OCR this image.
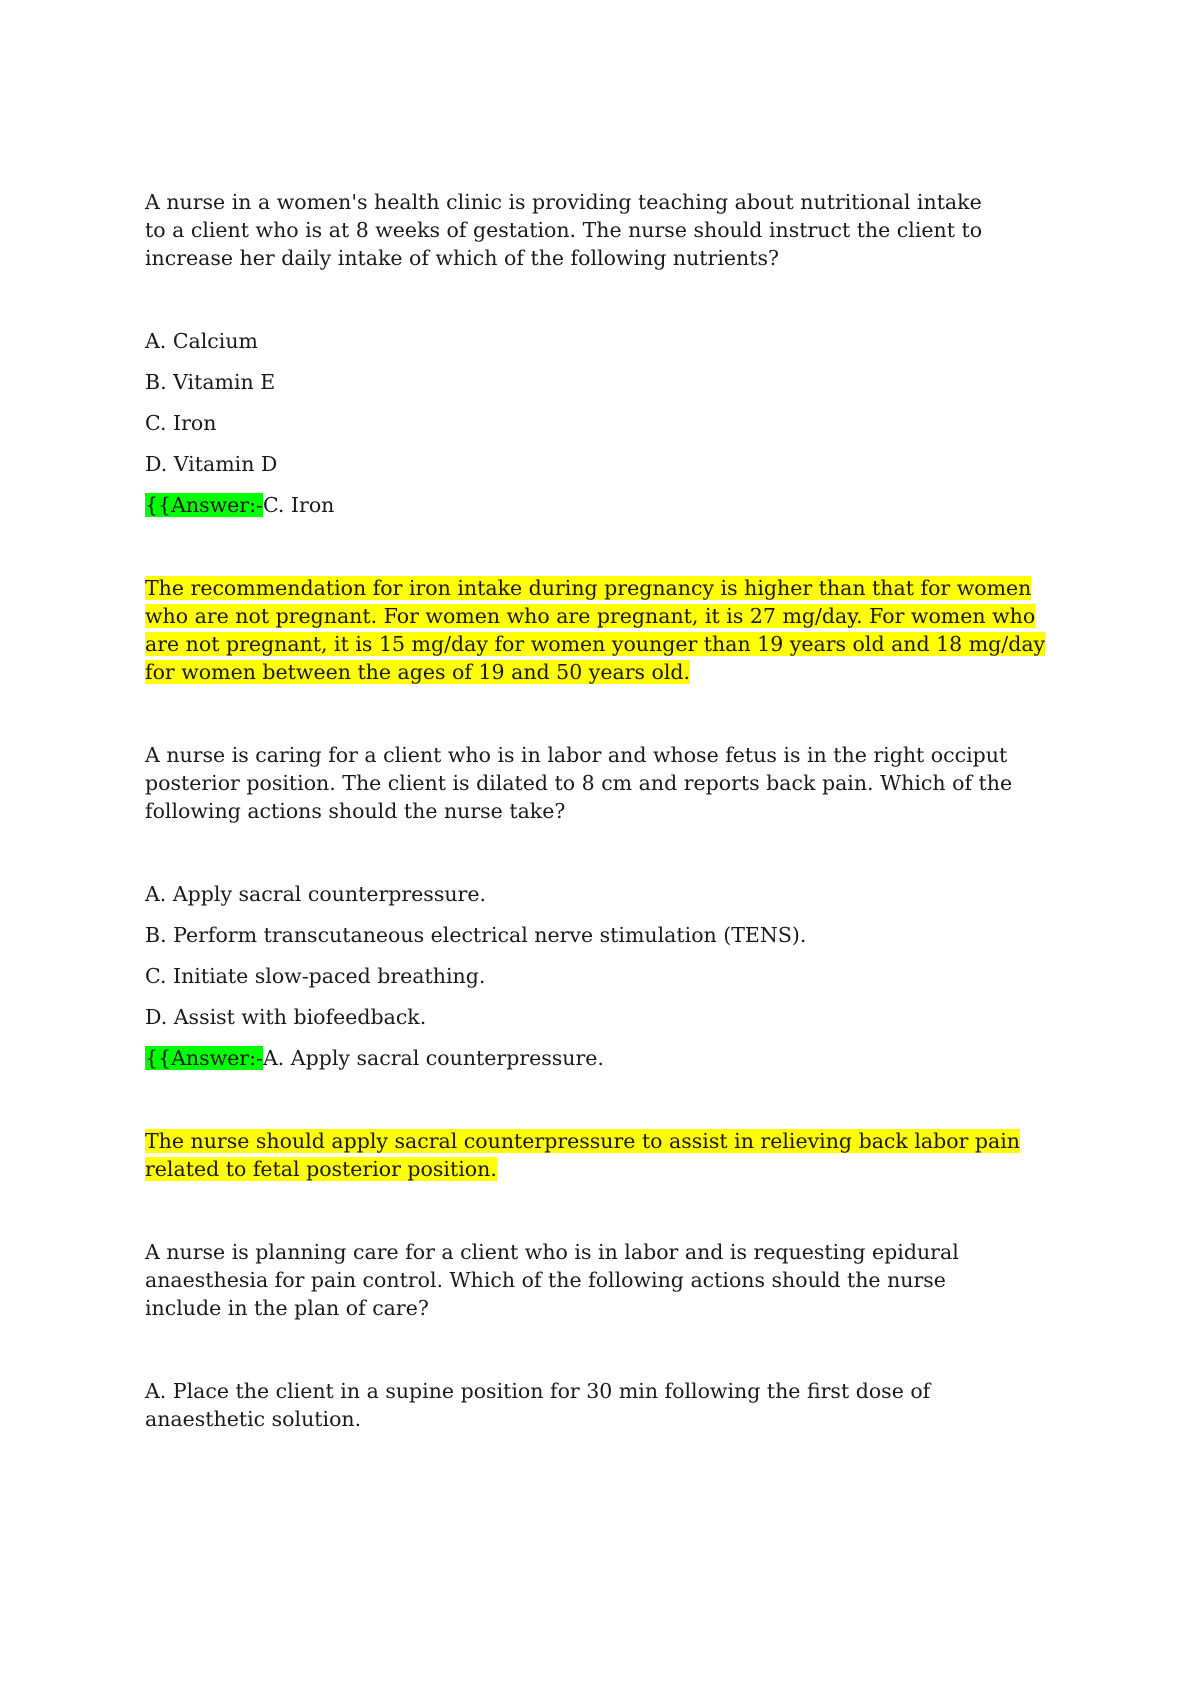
A nurse in a women's health clinic is providing teaching about nutritional intake to a client who is at 8 weeks of gestation. The nurse should instruct the client to increase her daily intake of which of the following nutrients?

A. Calcium

B. Vitamin E

C. Iron

D. Vitamin D

{{Answer:-C. Iron

The recommendation for iron intake during pregnancy is higher than that for women who are not pregnant. For women who are pregnant, it is 27 mg/day. For women who are not pregnant, it is 15 mg/day for women younger than 19 years old and 18 mg/day for women between the ages of 19 and 50 years old.

A nurse is caring for a client who is in labor and whose fetus is in the right occiput posterior position. The client is dilated to 8 cm and reports back pain. Which of the following actions should the nurse take?

A. Apply sacral counterpressure.

B. Perform transcutaneous electrical nerve stimulation (TENS).

C. Initiate slow-paced breathing.

D. Assist with biofeedback.

{{Answer:-A. Apply sacral counterpressure.

The nurse should apply sacral counterpressure to assist in relieving back labor pain related to fetal posterior position.

A nurse is planning care for a client who is in labor and is requesting epidural anaesthesia for pain control. Which of the following actions should the nurse include in the plan of care?

A. Place the client in a supine position for 30 min following the first dose of anaesthetic solution.
